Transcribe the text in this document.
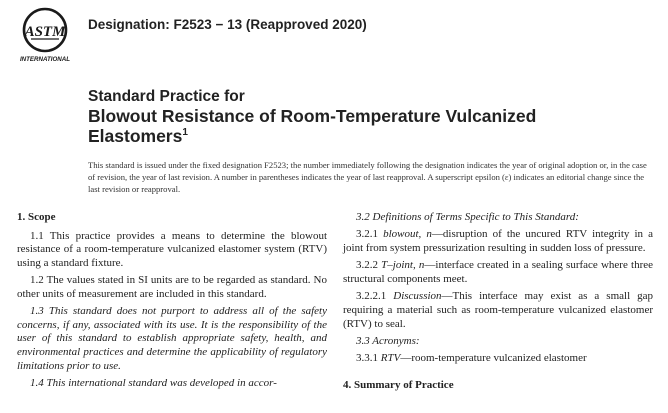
ASTM
INTERNATIONAL
Designation: F2523 − 13 (Reapproved 2020)
Standard Practice for
Blowout Resistance of Room-Temperature Vulcanized
Elastomers$^1$

This standard is issued under the fixed designation F2523; the number immediately following the designation indicates the year of original adoption or, in the case of revision, the year of last revision. A number in parentheses indicates the year of last reapproval. A superscript epsilon (ε) indicates an editorial change since the last revision or reapproval.

1. Scope

1.1 This practice provides a means to determine the blowout resistance of a room-temperature vulcanized elastomer system (RTV) using a standard fixture.

1.2 The values stated in SI units are to be regarded as standard. No other units of measurement are included in this standard.

1.3 This standard does not purport to address all of the safety concerns, if any, associated with its use. It is the responsibility of the user of this standard to establish appropriate safety, health, and environmental practices and determine the applicability of regulatory limitations prior to use.

1.4 This international standard was developed in accor-

3.2 Definitions of Terms Specific to This Standard:

3.2.1 blowout, n—disruption of the uncured RTV integrity in a joint from system pressurization resulting in sudden loss of pressure.

3.2.2 T–joint, n—interface created in a sealing surface where three structural components meet.

3.2.2.1 Discussion—This interface may exist as a small gap requiring a material such as room-temperature vulcanized elastomer (RTV) to seal.

3.3 Acronyms:

3.3.1 RTV—room-temperature vulcanized elastomer

4. Summary of Practice
